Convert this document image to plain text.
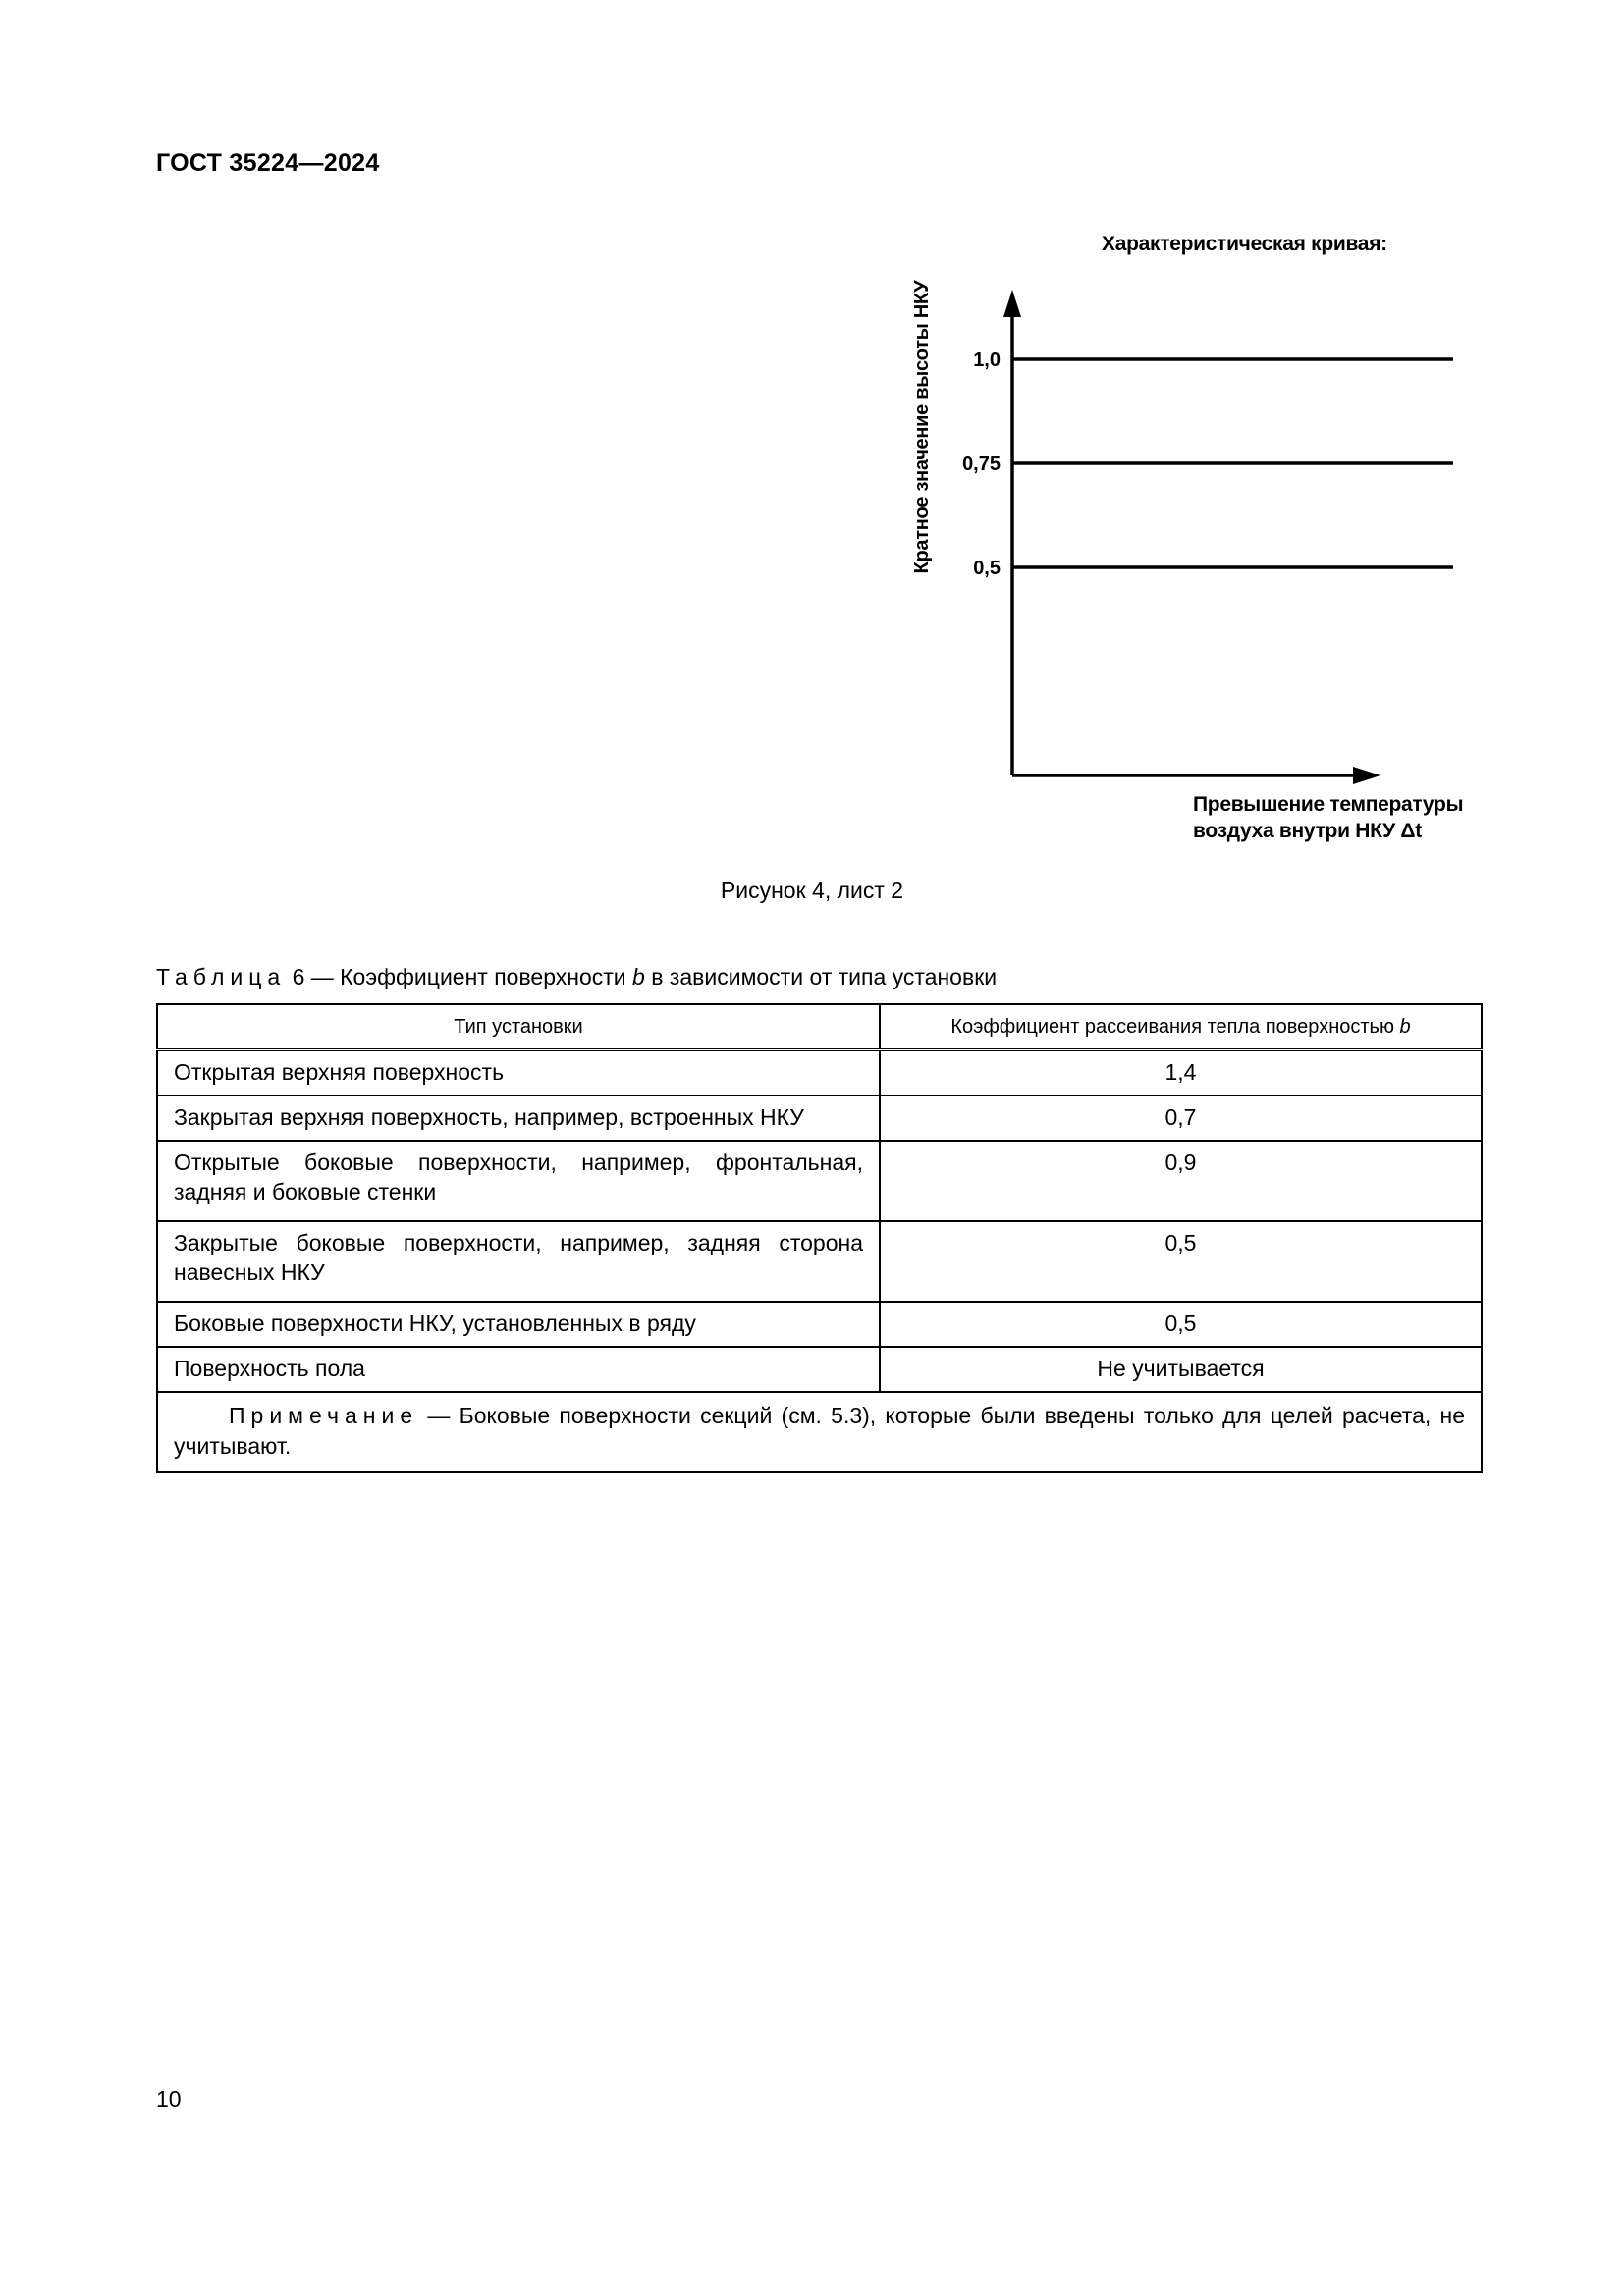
ГОСТ 35224—2024
Характеристическая кривая:
Кратное значение высоты НКУ 1,0
0,75
0,5
Превышение температуры
воздуха внутри НКУ Δt
Рисунок 4, лист 2
Таблица 6 — Коэффициент поверхности b в зависимости от типа установки
Тип установки	Коэффициент рассеивания тепла поверхностью b
Открытая верхняя поверхность	1,4
Закрытая верхняя поверхность, например, встроенных НКУ	0,7
Открытые боковые поверхности, например, фронтальная, задняя и боковые стенки	0,9
Закрытые боковые поверхности, например, задняя сторона навесных НКУ	0,5
Боковые поверхности НКУ, установленных в ряду	0,5
Поверхность пола	Не учитывается
Примечание — Боковые поверхности секций (см. 5.3), которые были введены только для целей расчета, не учитывают.	
10
